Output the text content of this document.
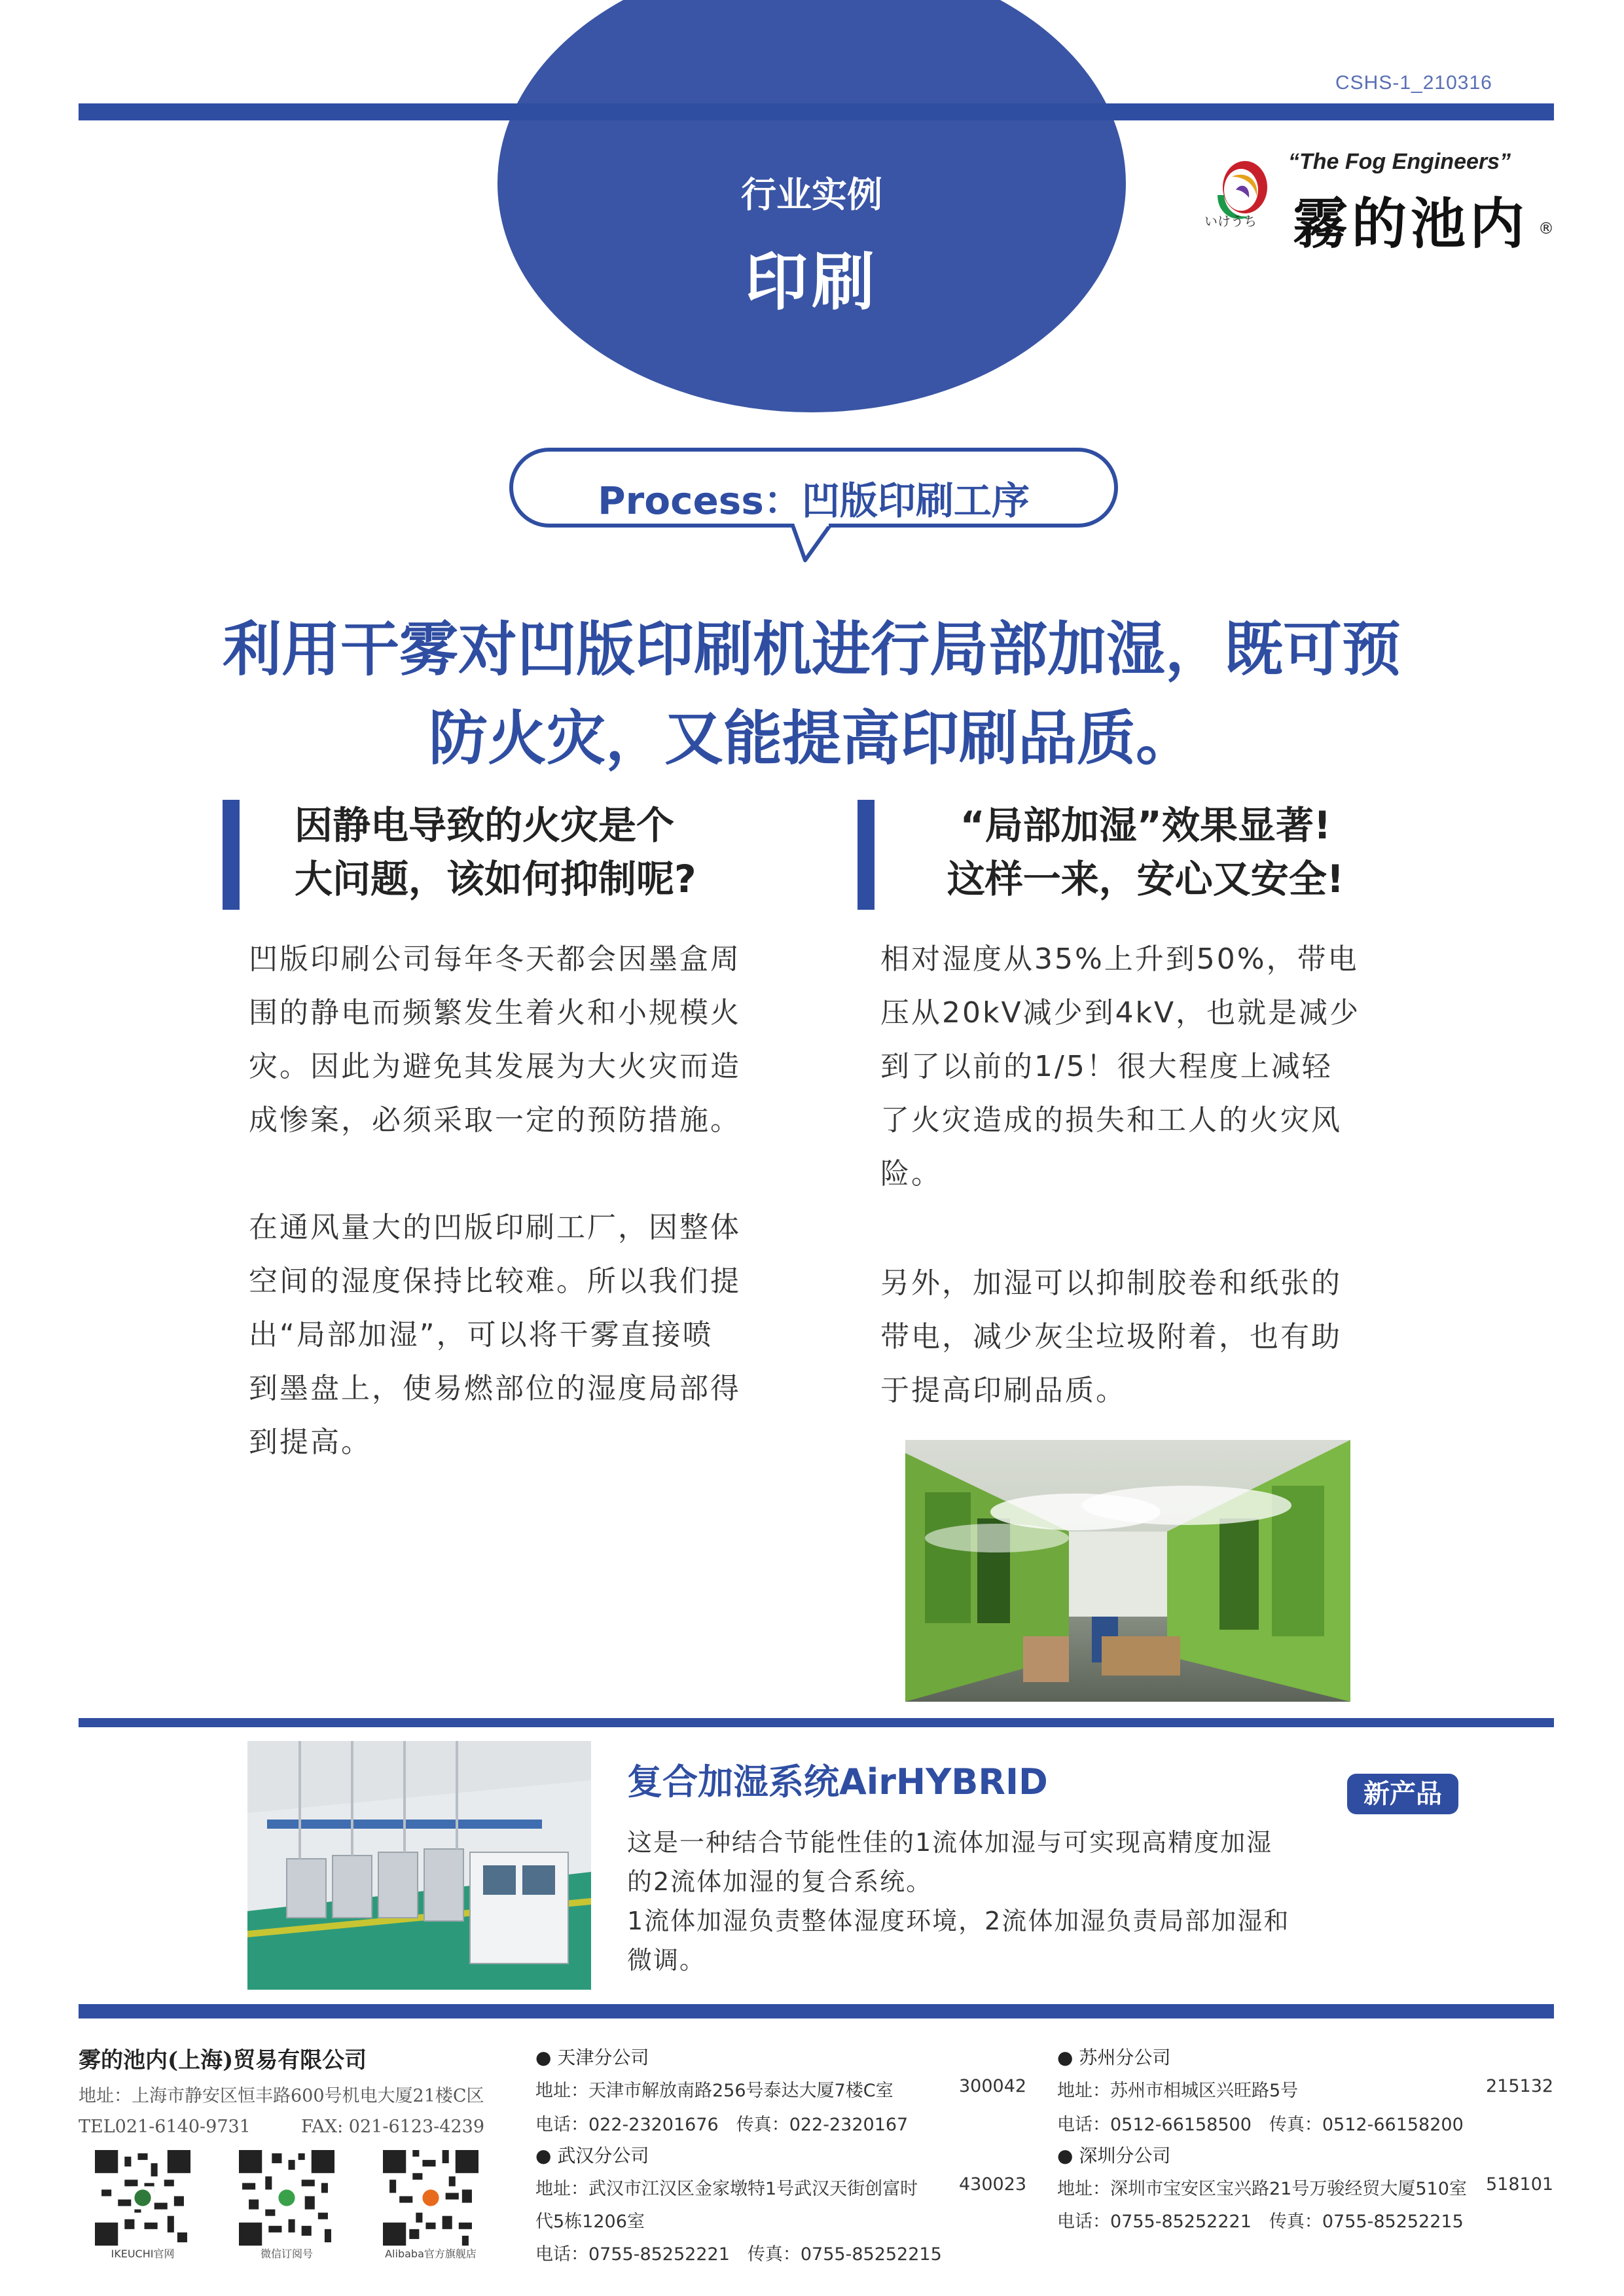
CSHS-1_210316
行业实例
印刷
“The Fog Engineers”
霧的池内
いけうち	®
Process：凹版印刷工序
利用干雾对凹版印刷机进行局部加湿，既可预
防火灾，又能提高印刷品质。
因静电导致的火灾是个
大问题，该如何抑制呢?
凹版印刷公司每年冬天都会因墨盒周
围的静电而频繁发生着火和小规模火
灾。因此为避免其发展为大火灾而造
成惨案，必须采取一定的预防措施。
在通风量大的凹版印刷工厂，因整体
空间的湿度保持比较难。所以我们提
出“局部加湿”，可以将干雾直接喷
到墨盘上，使易燃部位的湿度局部得
到提高。
“局部加湿”效果显著!
这样一来，安心又安全!
相对湿度从35%上升到50%，带电
压从20kV减少到4kV，也就是减少
到了以前的1/5！很大程度上减轻
了火灾造成的损失和工人的火灾风
险。
另外，加湿可以抑制胶卷和纸张的
带电，减少灰尘垃圾附着，也有助
于提高印刷品质。
复合加湿系统AirHYBRID	新产品
这是一种结合节能性佳的1流体加湿与可实现高精度加湿
的2流体加湿的复合系统。
1流体加湿负责整体湿度环境，2流体加湿负责局部加湿和
微调。
雾的池内(上海)贸易有限公司
地址：上海市静安区恒丰路600号机电大厦21楼C区
TEL021-6140-9731	FAX: 021-6123-4239
IKEUCHI官网	微信订阅号	Alibaba官方旗舰店
● 天津分公司
地址：天津市解放南路256号泰达大厦7楼C室	300042
电话：022-23201676　传真：022-2320167
● 武汉分公司
地址：武汉市江汉区金家墩特1号武汉天街创富时 430023
代5栋1206室
电话：0755-85252221　传真：0755-85252215
● 苏州分公司
地址：苏州市相城区兴旺路5号	215132
电话：0512-66158500　传真：0512-66158200
● 深圳分公司
地址：深圳市宝安区宝兴路21号万骏经贸大厦510室 518101
电话：0755-85252221　传真：0755-85252215
